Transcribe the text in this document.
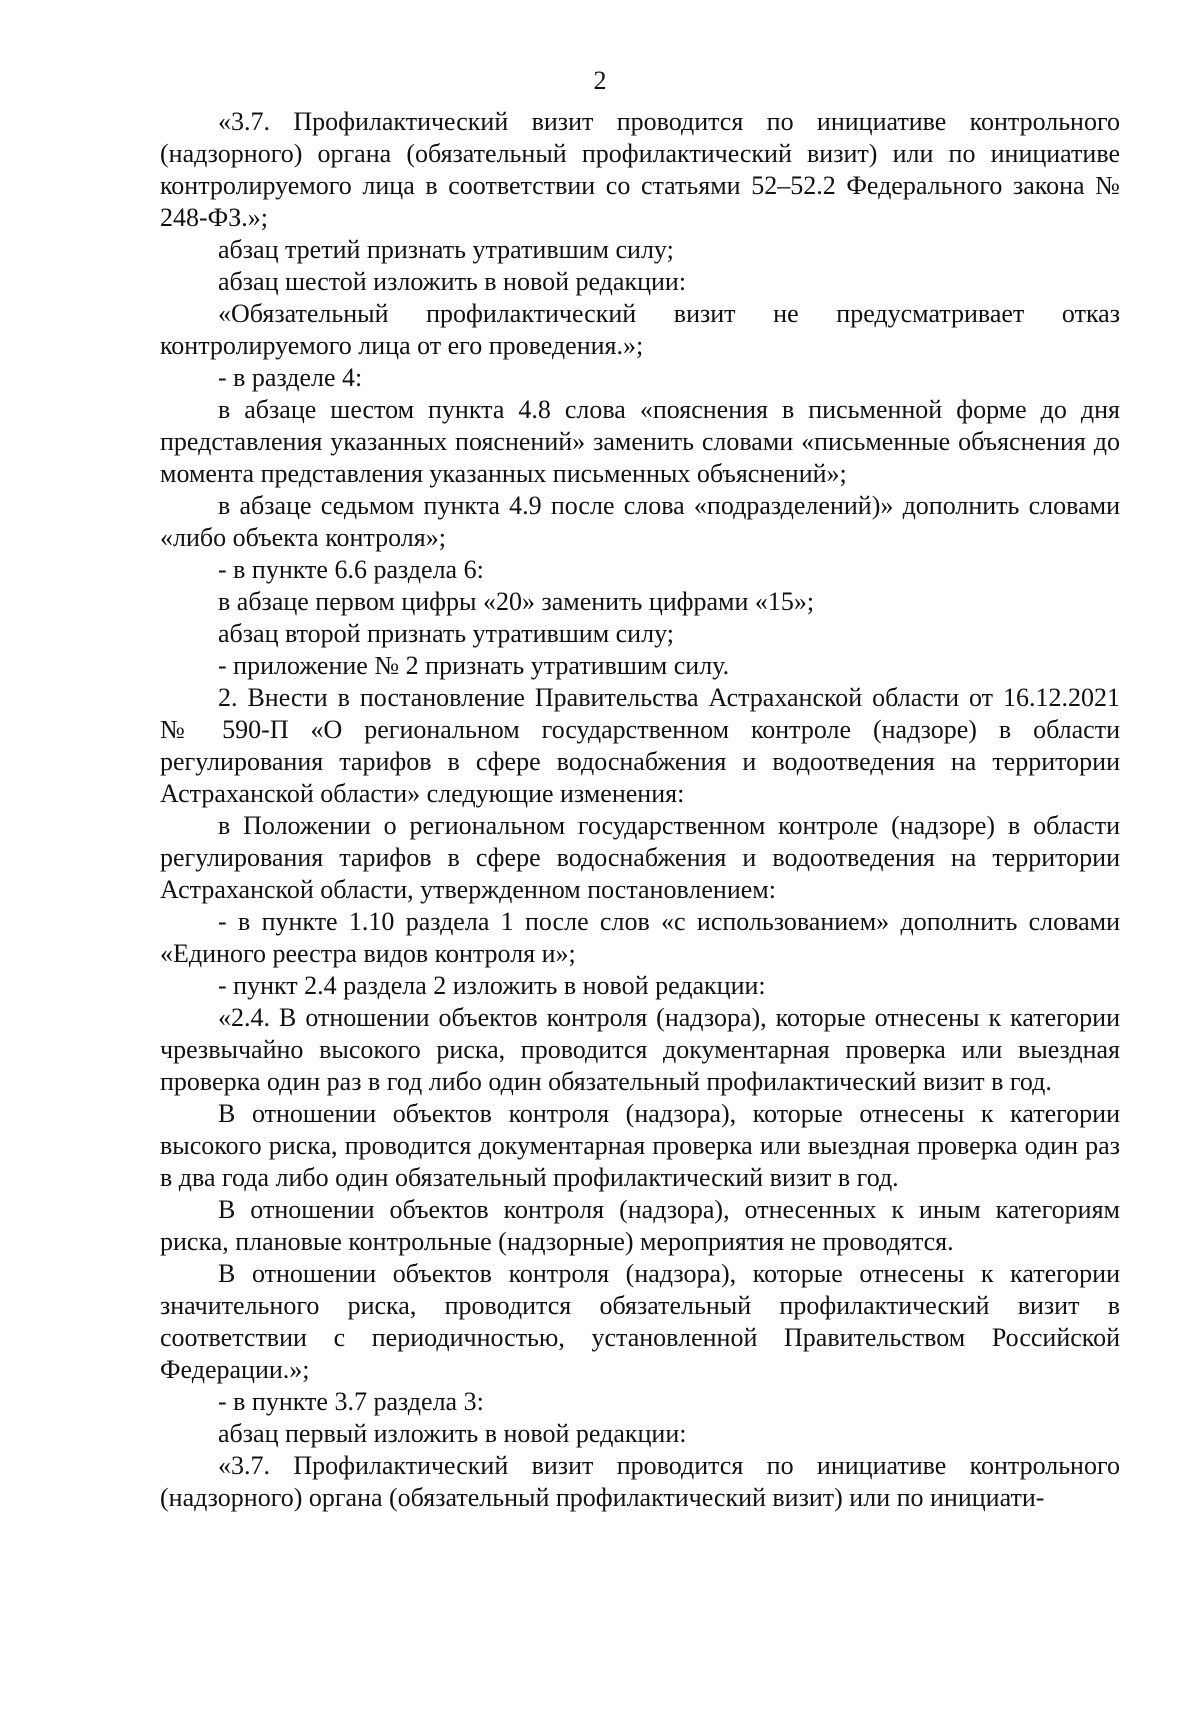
2

«3.7. Профилактический визит проводится по инициативе контрольного (надзорного) органа (обязательный профилактический визит) или по инициативе контролируемого лица в соответствии со статьями 52–52.2 Федерального закона № 248-ФЗ.»;

абзац третий признать утратившим силу;

абзац шестой изложить в новой редакции:

«Обязательный профилактический визит не предусматривает отказ контролируемого лица от его проведения.»;

- в разделе 4:

в абзаце шестом пункта 4.8 слова «пояснения в письменной форме до дня представления указанных пояснений» заменить словами «письменные объяснения до момента представления указанных письменных объяснений»;

в абзаце седьмом пункта 4.9 после слова «подразделений)» дополнить словами «либо объекта контроля»;

- в пункте 6.6 раздела 6:

в абзаце первом цифры «20» заменить цифрами «15»;

абзац второй признать утратившим силу;

- приложение № 2 признать утратившим силу.

2. Внести в постановление Правительства Астраханской области от 16.12.2021 № 590-П «О региональном государственном контроле (надзоре) в области регулирования тарифов в сфере водоснабжения и водоотведения на территории Астраханской области» следующие изменения:

в Положении о региональном государственном контроле (надзоре) в области регулирования тарифов в сфере водоснабжения и водоотведения на территории Астраханской области, утвержденном постановлением:

- в пункте 1.10 раздела 1 после слов «с использованием» дополнить словами «Единого реестра видов контроля и»;

- пункт 2.4 раздела 2 изложить в новой редакции:

«2.4. В отношении объектов контроля (надзора), которые отнесены к категории чрезвычайно высокого риска, проводится документарная проверка или выездная проверка один раз в год либо один обязательный профилактический визит в год.

В отношении объектов контроля (надзора), которые отнесены к категории высокого риска, проводится документарная проверка или выездная проверка один раз в два года либо один обязательный профилактический визит в год.

В отношении объектов контроля (надзора), отнесенных к иным категориям риска, плановые контрольные (надзорные) мероприятия не проводятся.

В отношении объектов контроля (надзора), которые отнесены к категории значительного риска, проводится обязательный профилактический визит в соответствии с периодичностью, установленной Правительством Российской Федерации.»;

- в пункте 3.7 раздела 3:

абзац первый изложить в новой редакции:

«3.7. Профилактический визит проводится по инициативе контрольного (надзорного) органа (обязательный профилактический визит) или по инициати-
